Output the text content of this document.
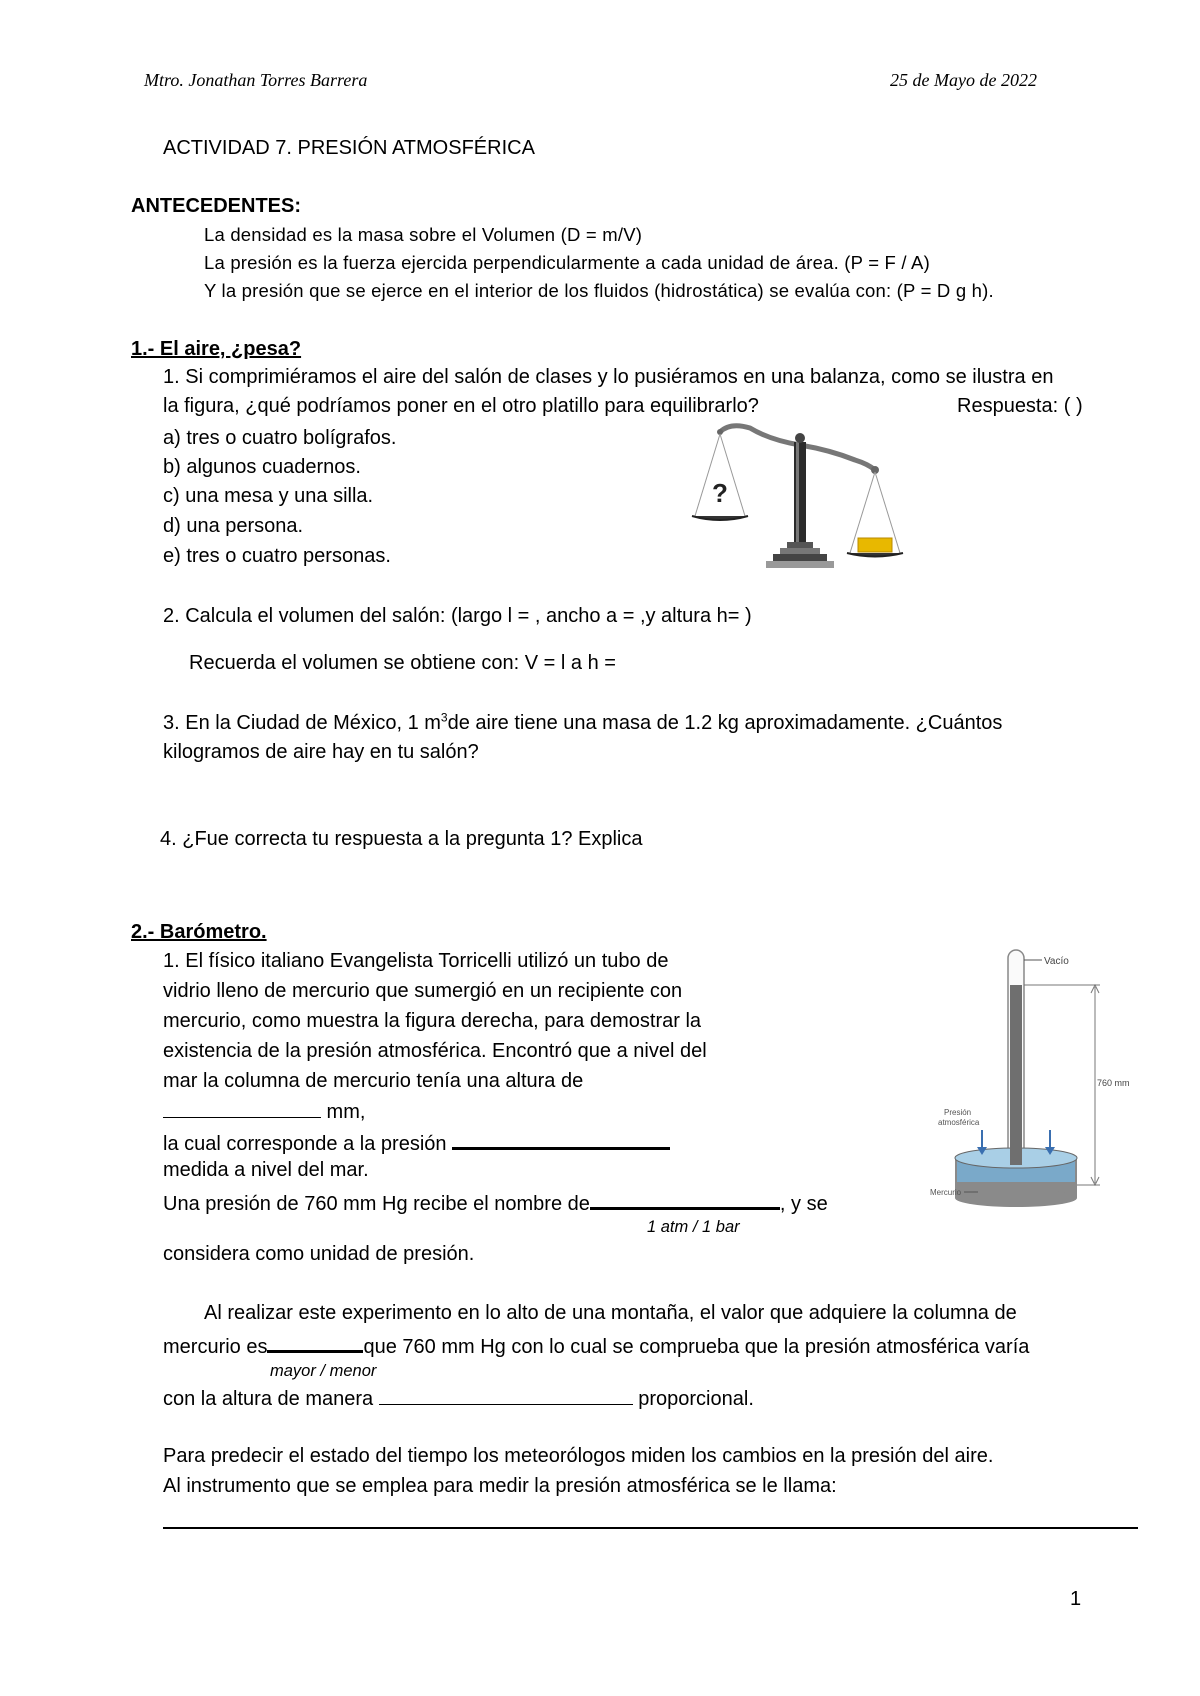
Mtro. Jonathan Torres Barrera	25 de Mayo de 2022
ACTIVIDAD 7. PRESIÓN ATMOSFÉRICA
ANTECEDENTES:
La densidad es la masa sobre el Volumen (D = m/V)
La presión es la fuerza ejercida perpendicularmente a cada unidad de área. (P = F / A)
Y la presión que se ejerce en el interior de los fluidos (hidrostática) se evalúa con: (P = D g h).
1.- El aire, ¿pesa?
1. Si comprimiéramos el aire del salón de clases y lo pusiéramos en una balanza, como se ilustra en
la figura, ¿qué podríamos poner en el otro platillo para equilibrarlo?	Respuesta: ( )
a) tres o cuatro bolígrafos.
b) algunos cuadernos.
c) una mesa y una silla.
d) una persona.
e) tres o cuatro personas.
?
2. Calcula el volumen del salón: (largo l = , ancho a = ,y altura h= )
Recuerda el volumen se obtiene con: V = l a h =
3. En la Ciudad de México, 1 $m^3de$ aire tiene una masa de 1.2 kg aproximadamente. ¿Cuántos
kilogramos de aire hay en tu salón?
4. ¿Fue correcta tu respuesta a la pregunta 1? Explica
2.- Barómetro.
1. El físico italiano Evangelista Torricelli utilizó un tubo de
vidrio lleno de mercurio que sumergió en un recipiente con
mercurio, como muestra la figura derecha, para demostrar la
existencia de la presión atmosférica. Encontró que a nivel del
mar la columna de mercurio tenía una altura de
mm,
la cual corresponde a la presión
medida a nivel del mar.
Una presión de 760 mm Hg recibe el nombre de	, y se
1 atm / 1 bar
considera como unidad de presión.
Vacío
760 mm
Presión
atmosférica
Mercurio
Al realizar este experimento en lo alto de una montaña, el valor que adquiere la columna de
mercurio es	que 760 mm Hg con lo cual se comprueba que la presión atmosférica varía
mayor / menor
con la altura de manera	proporcional.
Para predecir el estado del tiempo los meteorólogos miden los cambios en la presión del aire.
Al instrumento que se emplea para medir la presión atmosférica se le llama:
1
